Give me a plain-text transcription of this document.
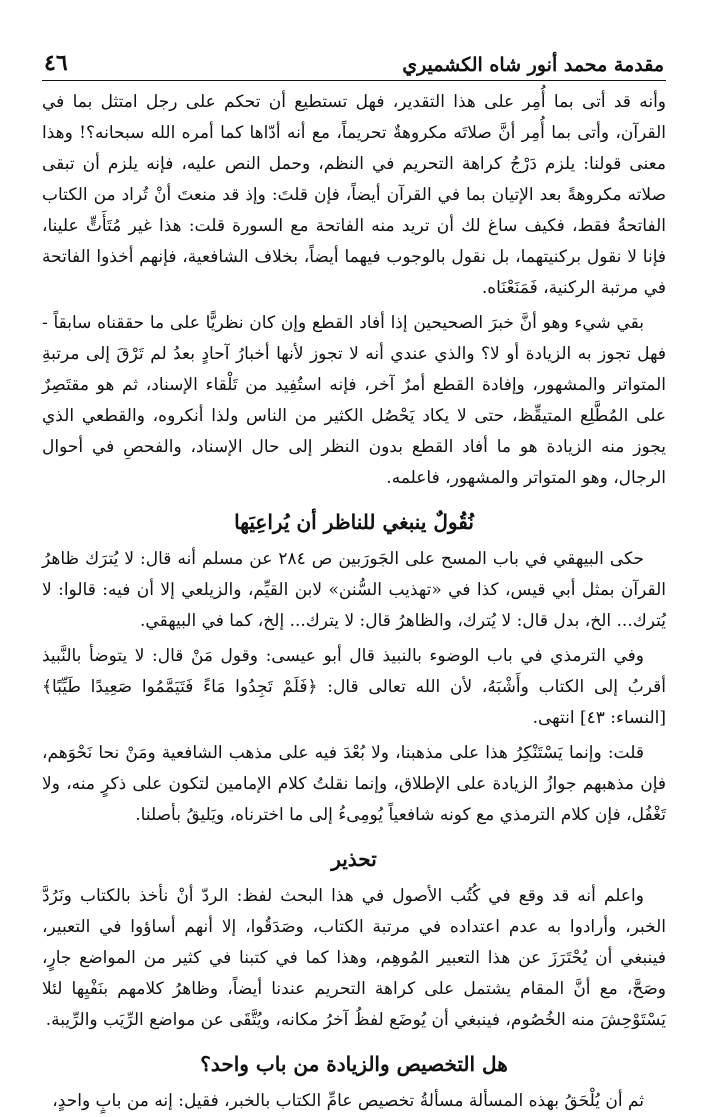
مقدمة محمد أنور شاه الكشميري
٤٦

وأنه قد أتى بما أُمِر على هذا التقدير، فهل تستطيع أن تحكم على رجل امتثل بما في القرآن، وأتى بما أُمِر أنَّ صلاتَه مكروهةٌ تحريماً، مع أنه أدّاها كما أمره الله سبحانه؟! وهذا معنى قولنا: يلزم دَرْجُ كراهة التحريم في النظم، وحمل النص عليه، فإنه يلزم أن تبقى صلاته مكروهةً بعد الإتيان بما في القرآن أيضاً، فإن قلتَ: وإذ قد منعتَ أنْ تُراد من الكتاب الفاتحةُ فقط، فكيف ساغ لك أن تريد منه الفاتحة مع السورة قلت: هذا غير مُتَأَتٍّ علينا، فإنا لا نقول بركنيتهما، بل نقول بالوجوب فيهما أيضاً، بخلاف الشافعية، فإنهم أخذوا الفاتحة في مرتبة الركنية، فَمَنَعْنَاه.

بقي شيء وهو أنَّ خبرَ الصحيحين إذا أفاد القطع وإن كان نظريًّا على ما حققناه سابقاً - فهل تجوز به الزيادة أو لا؟ والذي عندي أنه لا تجوز لأنها أخبارُ آحادٍ بعدُ لم تَرْقَ إلى مرتبةِ المتواتر والمشهور، وإفادة القطع أمرٌ آخر، فإنه استُفِيد من تَلْقاء الإسناد، ثم هو مقتَصِرٌ على المُطَّلِع المتيقِّظ، حتى لا يكاد يَحْصُل الكثير من الناس ولذا أنكروه، والقطعي الذي يجوز منه الزيادة هو ما أفاد القطع بدون النظر إلى حال الإسناد، والفحصِ في أحوال الرجال، وهو المتواتر والمشهور، فاعلمه.

نُقُولٌ ينبغي للناظر أن يُراعِيَها

حكى البيهقي في باب المسح على الجَورَبين ص ٢٨٤ عن مسلم أنه قال: لا يُترَك ظاهرُ القرآن بمثل أبي قيس، كذا في «تهذيب السُّنن» لابن القيِّم، والزيلعي إلا أن فيه: قالوا: لا يُترك... الخ، بدل قال: لا يُترك، والظاهرُ قال: لا يترك... إلخ، كما في البيهقي.

وفي الترمذي في باب الوضوء بالنبيذ قال أبو عيسى: وقول مَنْ قال: لا يتوضأ بالنَّبيذ أقربُ إلى الكتاب وأَشْبَهُ، لأن الله تعالى قال: ﴿فَلَمْ تَجِدُوا مَاءً فَتَيَمَّمُوا صَعِيدًا طَيِّبًا﴾ [النساء: ٤٣] انتهى.

قلت: وإنما يَسْتَنْكِرُ هذا على مذهبنا، ولا بُعْدَ فيه على مذهب الشافعية ومَنْ نحا نَحْوَهم، فإن مذهبهم جوازُ الزيادة على الإطلاق، وإنما نقلتُ كلام الإمامين لتكون على ذكرٍ منه، ولا تَغْفُل، فإن كلام الترمذي مع كونه شافعياً يُومِىءُ إلى ما اخترناه، ويَليقُ بأصلنا.

تحذير

واعلم أنه قد وقع في كُتُب الأصول في هذا البحث لفظ: الردّ أنْ نأخذ بالكتاب ونَرُدَّ الخبر، وأرادوا به عدم اعتداده في مرتبة الكتاب، وصَدَقُوا، إلا أنهم أساؤوا في التعبير، فينبغي أن يُحْتَرَزَ عن هذا التعبير المُوهِم، وهذا كما في كتبنا في كثير من المواضع جارٍ، وصَحَّ، مع أنَّ المقام يشتمل على كراهة التحريم عندنا أيضاً، وظاهرُ كلامهم بنَفْيِها لئلا يَسْتَوْحِشَ منه الخُصُوم، فينبغي أن يُوضَع لفظُ آخرُ مكانه، ويُتَّقَى عن مواضع الرِّيَب والرِّيبة.

هل التخصيص والزيادة من باب واحد؟

ثم أن يُلْحَقُ بهذه المسألة مسألةُ تخصيص عامِّ الكتاب بالخبر، فقيل: إنه من بابٍ واحدٍ،
